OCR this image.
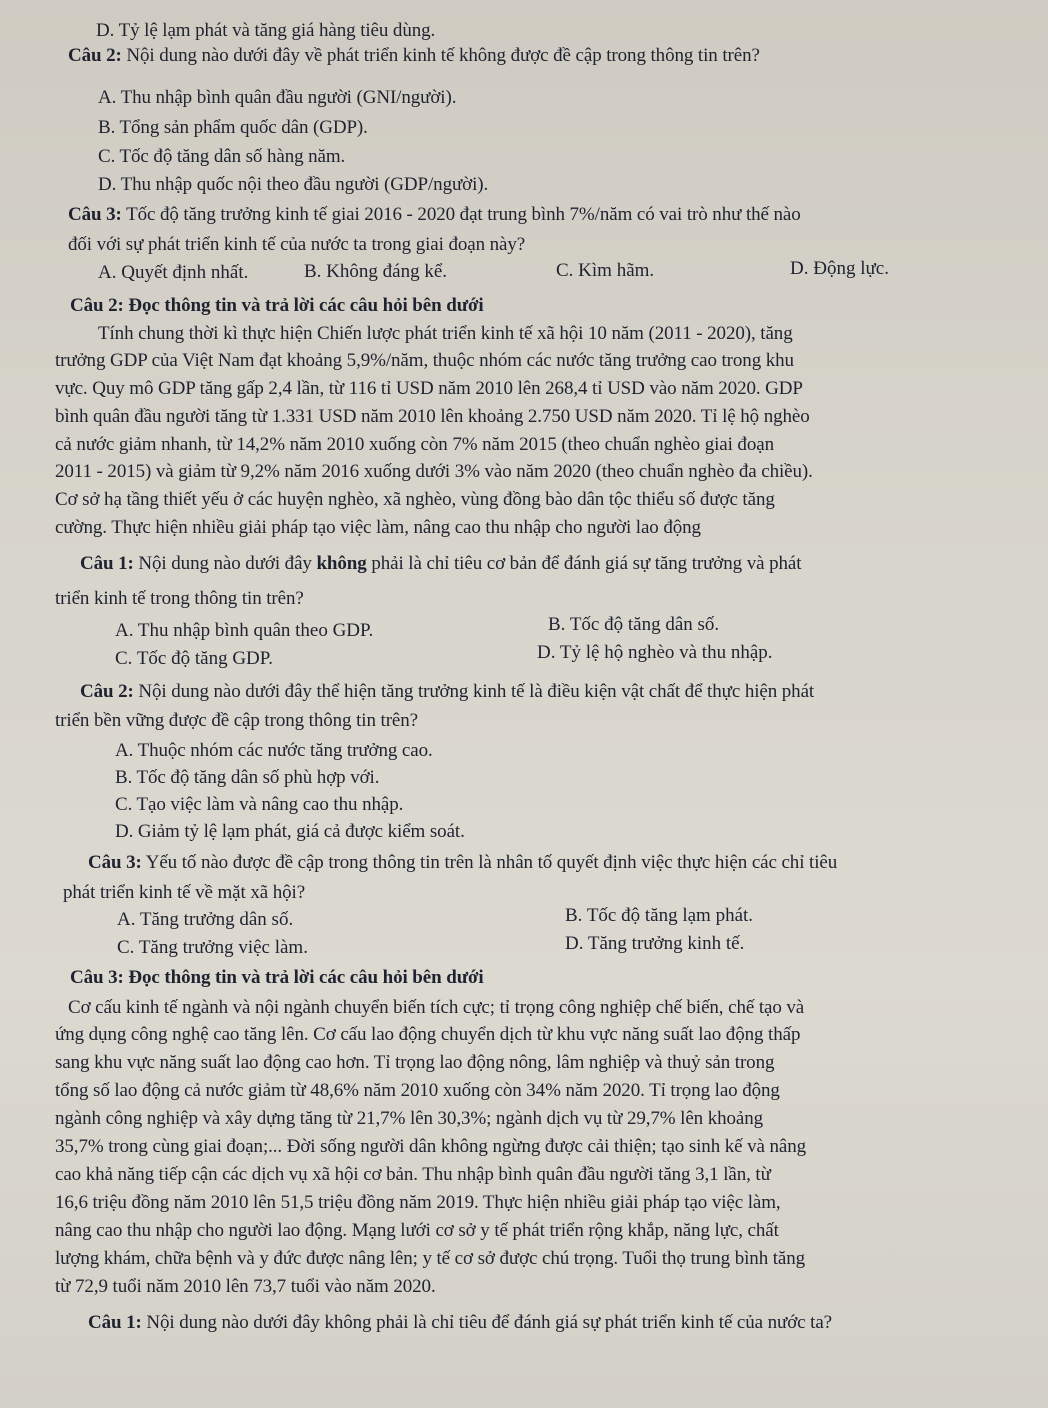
D. Tỷ lệ lạm phát và tăng giá hàng tiêu dùng.
Câu 2: Nội dung nào dưới đây về phát triển kinh tế không được đề cập trong thông tin trên?
A. Thu nhập bình quân đầu người (GNI/người).
B. Tổng sản phẩm quốc dân (GDP).
C. Tốc độ tăng dân số hàng năm.
D. Thu nhập quốc nội theo đầu người (GDP/người).
Câu 3: Tốc độ tăng trưởng kinh tế giai 2016 - 2020 đạt trung bình 7%/năm có vai trò như thế nào
đối với sự phát triển kinh tế của nước ta trong giai đoạn này?
A. Quyết định nhất.	B. Không đáng kể.	C. Kìm hãm.	D. Động lực.
Câu 2: Đọc thông tin và trả lời các câu hỏi bên dưới
Tính chung thời kì thực hiện Chiến lược phát triển kinh tế xã hội 10 năm (2011 - 2020), tăng
trưởng GDP của Việt Nam đạt khoảng 5,9%/năm, thuộc nhóm các nước tăng trưởng cao trong khu
vực. Quy mô GDP tăng gấp 2,4 lần, từ 116 tỉ USD năm 2010 lên 268,4 tỉ USD vào năm 2020. GDP
bình quân đầu người tăng từ 1.331 USD năm 2010 lên khoảng 2.750 USD năm 2020. Tỉ lệ hộ nghèo
cả nước giảm nhanh, từ 14,2% năm 2010 xuống còn 7% năm 2015 (theo chuẩn nghèo giai đoạn
2011 - 2015) và giảm từ 9,2% năm 2016 xuống dưới 3% vào năm 2020 (theo chuẩn nghèo đa chiều).
Cơ sở hạ tầng thiết yếu ở các huyện nghèo, xã nghèo, vùng đồng bào dân tộc thiểu số được tăng
cường. Thực hiện nhiều giải pháp tạo việc làm, nâng cao thu nhập cho người lao động
Câu 1: Nội dung nào dưới đây không phải là chỉ tiêu cơ bản để đánh giá sự tăng trưởng và phát
triển kinh tế trong thông tin trên?
A. Thu nhập bình quân theo GDP.	B. Tốc độ tăng dân số.
C. Tốc độ tăng GDP.	D. Tỷ lệ hộ nghèo và thu nhập.
Câu 2: Nội dung nào dưới đây thể hiện tăng trưởng kinh tế là điều kiện vật chất để thực hiện phát
triển bền vững được đề cập trong thông tin trên?
A. Thuộc nhóm các nước tăng trưởng cao.
B. Tốc độ tăng dân số phù hợp với.
C. Tạo việc làm và nâng cao thu nhập.
D. Giảm tỷ lệ lạm phát, giá cả được kiểm soát.
Câu 3: Yếu tố nào được đề cập trong thông tin trên là nhân tố quyết định việc thực hiện các chỉ tiêu
phát triển kinh tế về mặt xã hội?
A. Tăng trưởng dân số.	B. Tốc độ tăng lạm phát.
C. Tăng trưởng việc làm.	D. Tăng trưởng kinh tế.
Câu 3: Đọc thông tin và trả lời các câu hỏi bên dưới
Cơ cấu kinh tế ngành và nội ngành chuyển biến tích cực; tỉ trọng công nghiệp chế biến, chế tạo và
ứng dụng công nghệ cao tăng lên. Cơ cấu lao động chuyển dịch từ khu vực năng suất lao động thấp
sang khu vực năng suất lao động cao hơn. Tỉ trọng lao động nông, lâm nghiệp và thuỷ sản trong
tổng số lao động cả nước giảm từ 48,6% năm 2010 xuống còn 34% năm 2020. Tỉ trọng lao động
ngành công nghiệp và xây dựng tăng từ 21,7% lên 30,3%; ngành dịch vụ từ 29,7% lên khoảng
35,7% trong cùng giai đoạn;... Đời sống người dân không ngừng được cải thiện; tạo sinh kế và nâng
cao khả năng tiếp cận các dịch vụ xã hội cơ bản. Thu nhập bình quân đầu người tăng 3,1 lần, từ
16,6 triệu đồng năm 2010 lên 51,5 triệu đồng năm 2019. Thực hiện nhiều giải pháp tạo việc làm,
nâng cao thu nhập cho người lao động. Mạng lưới cơ sở y tế phát triển rộng khắp, năng lực, chất
lượng khám, chữa bệnh và y đức được nâng lên; y tế cơ sở được chú trọng. Tuổi thọ trung bình tăng
từ 72,9 tuổi năm 2010 lên 73,7 tuổi vào năm 2020.
Câu 1: Nội dung nào dưới đây không phải là chỉ tiêu để đánh giá sự phát triển kinh tế của nước ta?
